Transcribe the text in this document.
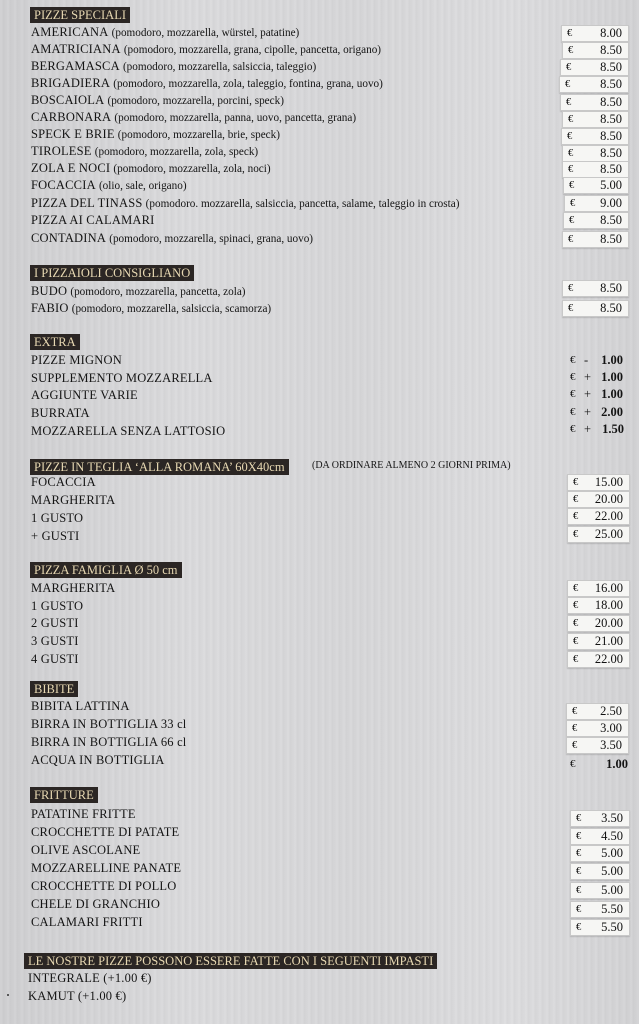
PIZZE SPECIALI
AMERICANA (pomodoro, mozzarella, würstel, patatine)	€ 8.00
AMATRICIANA (pomodoro, mozzarella, grana, cipolle, pancetta, origano)	€ 8.50
BERGAMASCA (pomodoro, mozzarella, salsiccia, taleggio)	€ 8.50
BRIGADIERA (pomodoro, mozzarella, zola, taleggio, fontina, grana, uovo)	€ 8.50
BOSCAIOLA (pomodoro, mozzarella, porcini, speck)	€ 8.50
CARBONARA (pomodoro, mozzarella, panna, uovo, pancetta, grana)	€ 8.50
SPECK E BRIE (pomodoro, mozzarella, brie, speck)	€ 8.50
TIROLESE (pomodoro, mozzarella, zola, speck)	€ 8.50
ZOLA E NOCI (pomodoro, mozzarella, zola, noci)	€ 8.50
FOCACCIA (olio, sale, origano)	€ 5.00
PIZZA DEL TINASS (pomodoro. mozzarella, salsiccia, pancetta, salame, taleggio in crosta)	€ 9.00
PIZZA AI CALAMARI	€ 8.50
CONTADINA (pomodoro, mozzarella, spinaci, grana, uovo)	€ 8.50
I PIZZAIOLI CONSIGLIANO
BUDO (pomodoro, mozzarella, pancetta, zola)	€ 8.50
FABIO (pomodoro, mozzarella, salsiccia, scamorza)	€ 8.50
EXTRA
PIZZE MIGNON	€ - 1.00
SUPPLEMENTO MOZZARELLA	€ + 1.00
AGGIUNTE VARIE	€ + 1.00
BURRATA	€ + 2.00
MOZZARELLA SENZA LATTOSIO	€ + 1.50
PIZZE IN TEGLIA ‘ALLA ROMANA’ 60X40cm	(DA ORDINARE ALMENO 2 GIORNI PRIMA)
FOCACCIA	€ 15.00
MARGHERITA	€ 20.00
1 GUSTO	€ 22.00
+ GUSTI	€ 25.00
PIZZA FAMIGLIA Ø 50 cm
MARGHERITA	€ 16.00
1 GUSTO	€ 18.00
2 GUSTI	€ 20.00
3 GUSTI	€ 21.00
4 GUSTI	€ 22.00
BIBITE
BIBITA LATTINA	€ 2.50
BIRRA IN BOTTIGLIA 33 cl	€ 3.00
BIRRA IN BOTTIGLIA 66 cl	€ 3.50
ACQUA IN BOTTIGLIA	€ 1.00
FRITTURE
PATATINE FRITTE	€ 3.50
CROCCHETTE DI PATATE	€ 4.50
OLIVE ASCOLANE	€ 5.00
MOZZARELLINE PANATE	€ 5.00
CROCCHETTE DI POLLO	€ 5.00
CHELE DI GRANCHIO	€ 5.50
CALAMARI FRITTI	€ 5.50
LE NOSTRE PIZZE POSSONO ESSERE FATTE CON I SEGUENTI IMPASTI
INTEGRALE (+1.00 €)
KAMUT (+1.00 €)
